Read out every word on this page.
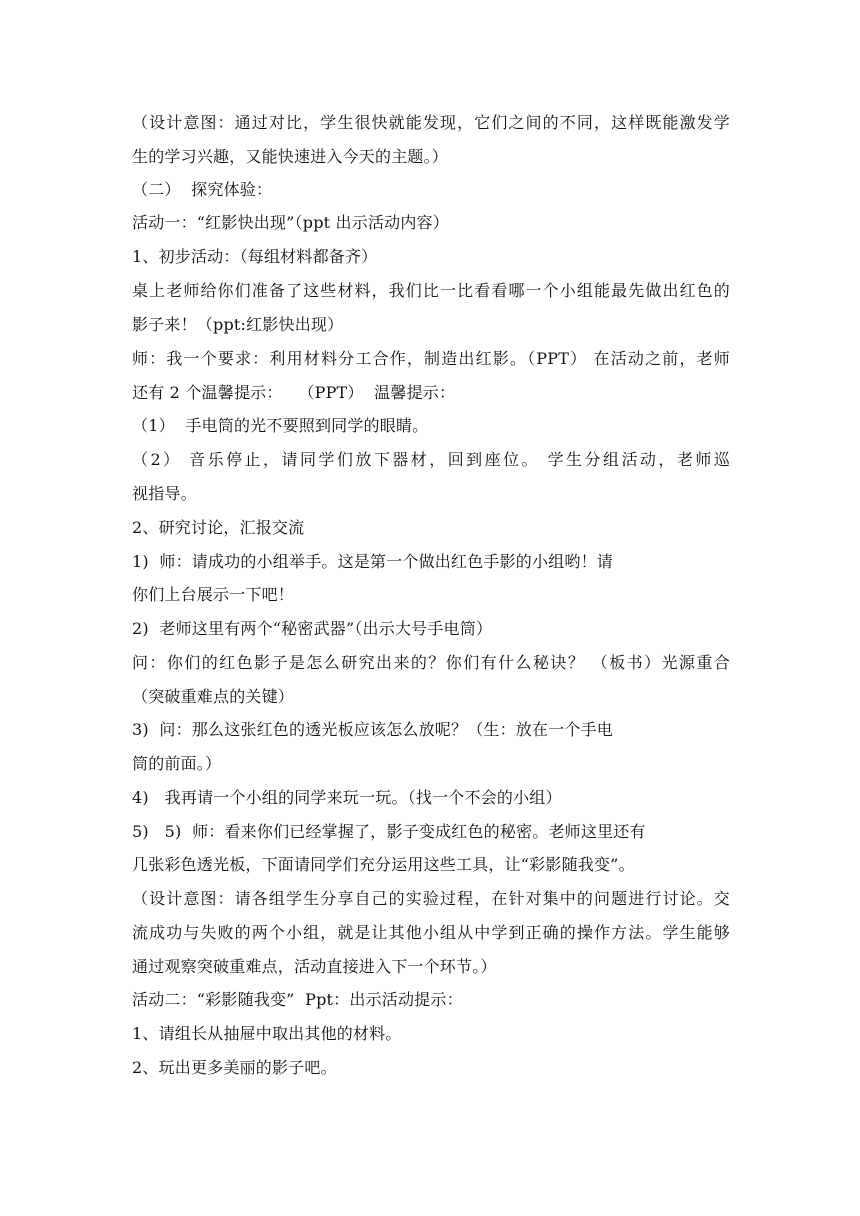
（设计意图：通过对比，学生很快就能发现，它们之间的不同，这样既能激发学
生的学习兴趣，又能快速进入今天的主题。）
（二）  探究体验：
活动一：“红影快出现”（ppt 出示活动内容）
1、初步活动：（每组材料都备齐）
桌上老师给你们准备了这些材料，我们比一比看看哪一个小组能最先做出红色的
影子来！（ppt:红影快出现）
师：我一个要求：利用材料分工合作，制造出红影。（PPT） 在活动之前，老师
还有 2 个温馨提示：   （PPT）  温馨提示：
（1）  手电筒的光不要照到同学的眼睛。
（2） 音乐停止，请同学们放下器材，回到座位。 学生分组活动，老师巡
视指导。
2、研究讨论，汇报交流
1)  师：请成功的小组举手。这是第一个做出红色手影的小组哟！请
你们上台展示一下吧！
2)  老师这里有两个“秘密武器”（出示大号手电筒）
问：你们的红色影子是怎么研究出来的？你们有什么秘诀？ （板书）光源重合
（突破重难点的关键）
3)  问：那么这张红色的透光板应该怎么放呢？（生：放在一个手电
筒的前面。）
4)   我再请一个小组的同学来玩一玩。（找一个不会的小组）
5)   5)  师：看来你们已经掌握了，影子变成红色的秘密。老师这里还有
几张彩色透光板，下面请同学们充分运用这些工具，让“彩影随我变”。
（设计意图：请各组学生分享自己的实验过程，在针对集中的问题进行讨论。交
流成功与失败的两个小组，就是让其他小组从中学到正确的操作方法。学生能够
通过观察突破重难点，活动直接进入下一个环节。）
活动二：“彩影随我变”  Ppt：出示活动提示：
1、请组长从抽屉中取出其他的材料。
2、玩出更多美丽的影子吧。
